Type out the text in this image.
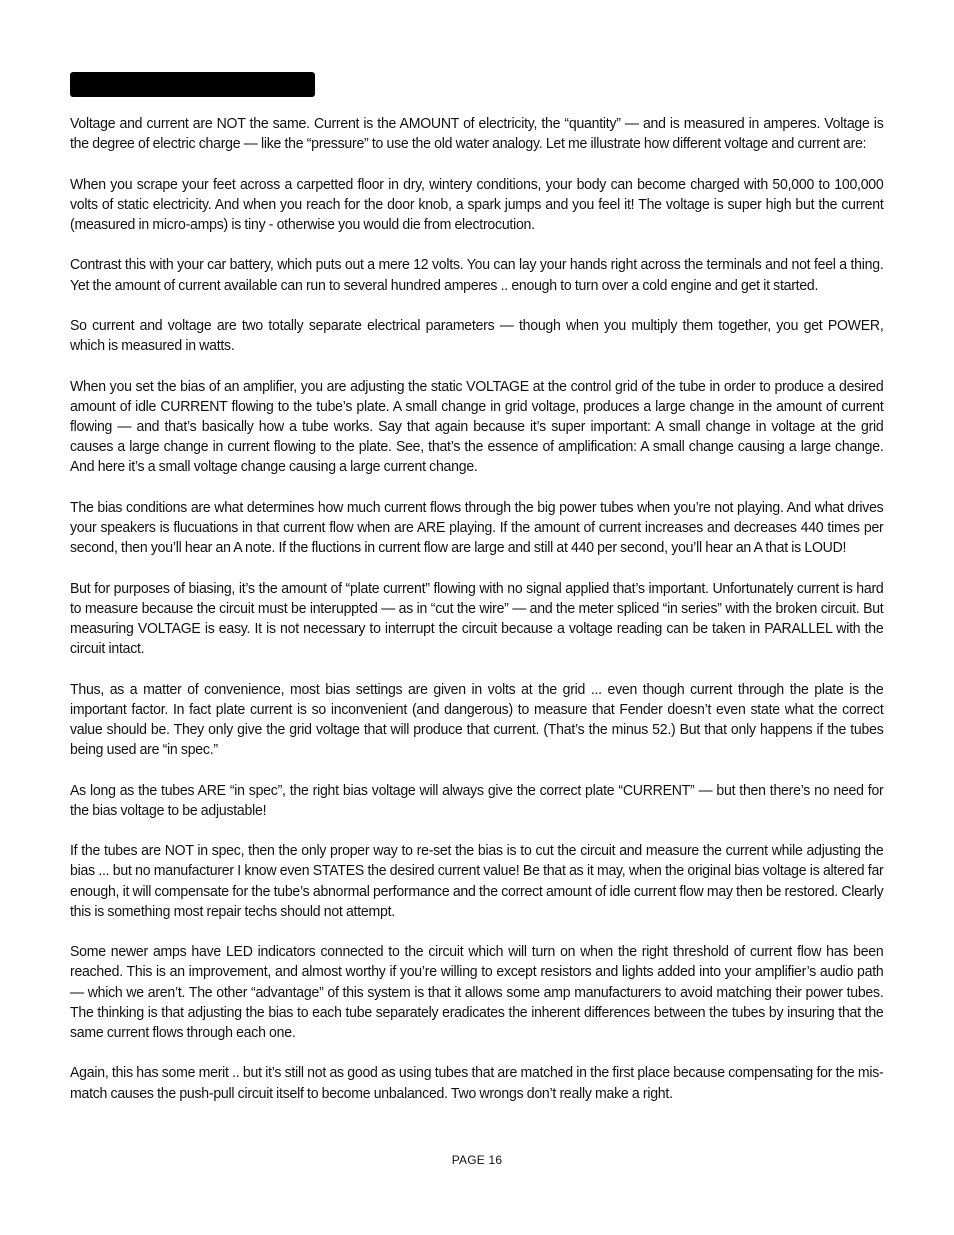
Voltage and current are NOT the same. Current is the AMOUNT of electricity, the “quantity” — and is measured in amperes. Voltage is the degree of electric charge — like the “pressure” to use the old water analogy. Let me illustrate how different voltage and current are:

When you scrape your feet across a carpetted floor in dry, wintery conditions, your body can become charged with 50,000 to 100,000 volts of static electricity. And when you reach for the door knob, a spark jumps and you feel it! The voltage is super high but the current (measured in micro-amps) is tiny - otherwise you would die from electrocution.

Contrast this with your car battery, which puts out a mere 12 volts. You can lay your hands right across the terminals and not feel a thing. Yet the amount of current available can run to several hundred amperes .. enough to turn over a cold engine and get it started.

So current and voltage are two totally separate electrical parameters — though when you multiply them together, you get POWER, which is measured in watts.

When you set the bias of an amplifier, you are adjusting the static VOLTAGE at the control grid of the tube in order to produce a desired amount of idle CURRENT flowing to the tube’s plate. A small change in grid voltage, produces a large change in the amount of current flowing — and that’s basically how a tube works. Say that again because it’s super important: A small change in voltage at the grid causes a large change in current flowing to the plate. See, that’s the essence of amplification: A small change causing a large change. And here it’s a small voltage change causing a large current change.

The bias conditions are what determines how much current flows through the big power tubes when you’re not playing. And what drives your speakers is flucuations in that current flow when are ARE playing. If the amount of current increases and decreases 440 times per second, then you’ll hear an A note. If the fluctions in current flow are large and still at 440 per second, you’ll hear an A that is LOUD!

But for purposes of biasing, it’s the amount of “plate current” flowing with no signal applied that’s important. Unfortunately current is hard to measure because the circuit must be interuppted — as in “cut the wire” — and the meter spliced “in series” with the broken circuit. But measuring VOLTAGE is easy. It is not necessary to interrupt the circuit because a voltage reading can be taken in PARALLEL with the circuit intact.

Thus, as a matter of convenience, most bias settings are given in volts at the grid ... even though current through the plate is the important factor. In fact plate current is so inconvenient (and dangerous) to measure that Fender doesn’t even state what the correct value should be. They only give the grid voltage that will produce that current. (That’s the minus 52.) But that only happens if the tubes being used are “in spec.”

As long as the tubes ARE “in spec”, the right bias voltage will always give the correct plate “CURRENT” — but then there’s no need for the bias voltage to be adjustable!

If the tubes are NOT in spec, then the only proper way to re-set the bias is to cut the circuit and measure the current while adjusting the bias ... but no manufacturer I know even STATES the desired current value! Be that as it may, when the original bias voltage is altered far enough, it will compensate for the tube’s abnormal performance and the correct amount of idle current flow may then be restored. Clearly this is something most repair techs should not attempt.

Some newer amps have LED indicators connected to the circuit which will turn on when the right threshold of current flow has been reached. This is an improvement, and almost worthy if you’re willing to except resistors and lights added into your amplifier’s audio path — which we aren’t. The other “advantage” of this system is that it allows some amp manufacturers to avoid matching their power tubes. The thinking is that adjusting the bias to each tube separately eradicates the inherent differences between the tubes by insuring that the same current flows through each one.

Again, this has some merit .. but it’s still not as good as using tubes that are matched in the first place because compensating for the mis-match causes the push-pull circuit itself to become unbalanced. Two wrongs don’t really make a right.

PAGE 16
